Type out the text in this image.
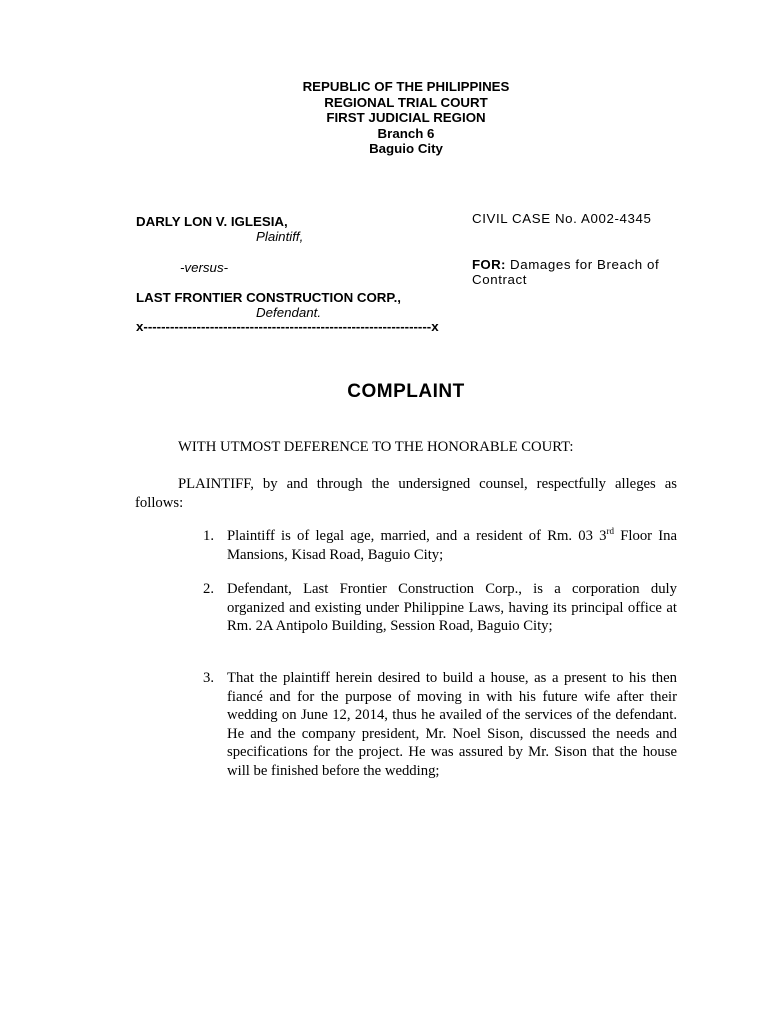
REPUBLIC OF THE PHILIPPINES
REGIONAL TRIAL COURT
FIRST JUDICIAL REGION
Branch 6
Baguio City
DARLY LON V. IGLESIA,
Plaintiff,
-versus-
LAST FRONTIER CONSTRUCTION CORP.,
Defendant.
x-----------------------------------------------------------------x
CIVIL CASE No. A002-4345
FOR: Damages for Breach of
Contract
COMPLAINT
WITH UTMOST DEFERENCE TO THE HONORABLE COURT:
PLAINTIFF, by and through the undersigned counsel, respectfully alleges as follows:
1. Plaintiff is of legal age, married, and a resident of Rm. 03 3rd Floor Ina Mansions, Kisad Road, Baguio City;
2. Defendant, Last Frontier Construction Corp., is a corporation duly organized and existing under Philippine Laws, having its principal office at Rm. 2A Antipolo Building, Session Road, Baguio City;
3. That the plaintiff herein desired to build a house, as a present to his then fiancé and for the purpose of moving in with his future wife after their wedding on June 12, 2014, thus he availed of the services of the defendant. He and the company president, Mr. Noel Sison, discussed the needs and specifications for the project. He was assured by Mr. Sison that the house will be finished before the wedding;
